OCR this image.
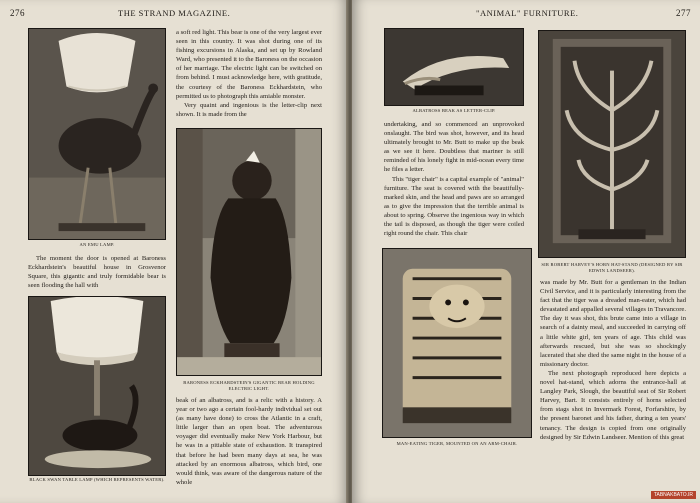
276	THE STRAND MAGAZINE.
AN EMU LAMP.

a soft red light. This bear is one of the very largest ever seen in this country. It was shot during one of its fishing excursions in Alaska, and set up by Rowland Ward, who presented it to the Baroness on the occasion of her marriage. The electric light can be switched on from behind. I must acknowledge here, with gratitude, the courtesy of the Baroness Eckhardstein, who permitted us to photograph this amiable monster.

Very quaint and ingenious is the letter-clip next shown. It is made from the

BARONESS ECKHARDSTEIN'S GIGANTIC BEAR HOLDING ELECTRIC LIGHT.

The moment the door is opened at Baroness Eckhardstein's beautiful house in Grosvenor Square, this gigantic and truly formidable bear is seen flooding the hall with

BLACK SWAN TABLE LAMP (WHICH REPRESENTS WATER).

beak of an albatross, and is a relic with a history. A year or two ago a certain fool-hardy individual set out (as many have done) to cross the Atlantic in a craft, little larger than an open boat. The adventurous voyager did eventually make New York Harbour, but he was in a pitiable state of exhaustion. It transpired that before he had been many days at sea, he was attacked by an enormous albatross, which bird, one would think, was aware of the dangerous nature of the whole

"ANIMAL" FURNITURE.	277
ALBATROSS BEAK AS LETTER-CLIP.

undertaking, and so commenced an unprovoked onslaught. The bird was shot, however, and its head ultimately brought to Mr. Butt to make up the beak as we see it here. Doubtless that mariner is still reminded of his lonely fight in mid-ocean every time he files a letter.

This "tiger chair" is a capital example of "animal" furniture. The seat is covered with the beautifully-marked skin, and the head and paws are so arranged as to give the impression that the terrible animal is about to spring. Observe the ingenious way in which the tail is disposed, as though the tiger were coiled right round the chair. This chair

SIR ROBERT HARVEY'S HORN HAT-STAND (DESIGNED BY SIR EDWIN LANDSEER).
MAN-EATING TIGER, MOUNTED ON AN ARM-CHAIR.

was made by Mr. Butt for a gentleman in the Indian Civil Service, and it is particularly interesting from the fact that the tiger was a dreaded man-eater, which had devastated and appalled several villages in Travancore. The day it was shot, this brute came into a village in search of a dainty meal, and succeeded in carrying off a little white girl, ten years of age. This child was afterwards rescued, but she was so shockingly lacerated that she died the same night in the house of a missionary doctor.

The next photograph reproduced here depicts a novel hat-stand, which adorns the entrance-hall at Langley Park, Slough, the beautiful seat of Sir Robert Harvey, Bart. It consists entirely of horns selected from stags shot in Invermark Forest, Forfarshire, by the present baronet and his father, during a ten years' tenancy. The design is copied from one originally designed by Sir Edwin Landseer. Mention of this great

TABNAKBATO.IR
